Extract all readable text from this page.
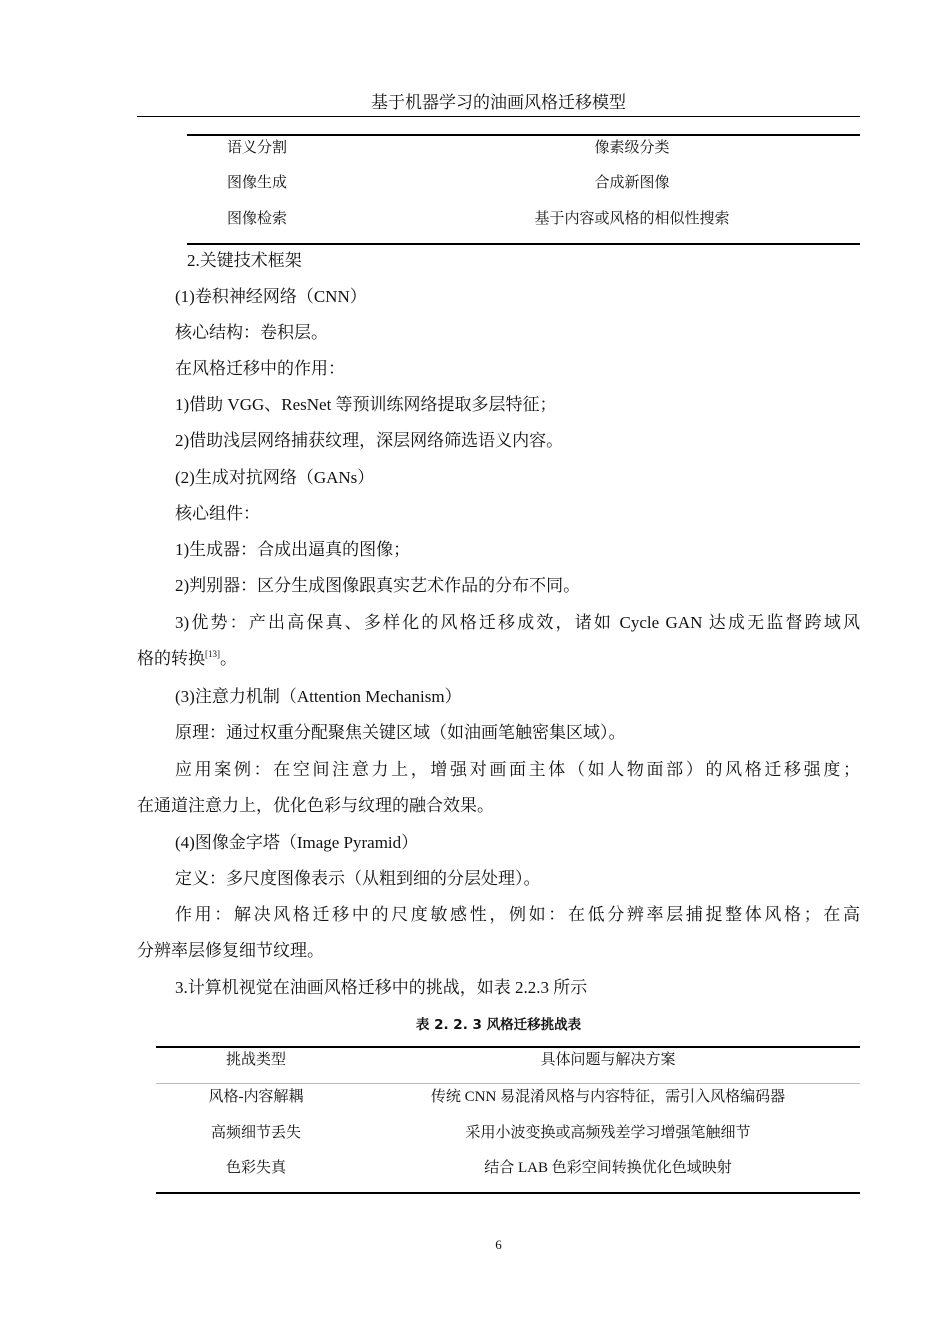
基于机器学习的油画风格迁移模型
语义分割	像素级分类
图像生成	合成新图像
图像检索	基于内容或风格的相似性搜索
2.关键技术框架
(1)卷积神经网络（CNN）
核心结构：卷积层。
在风格迁移中的作用：
1)借助 VGG、ResNet 等预训练网络提取多层特征；
2)借助浅层网络捕获纹理，深层网络筛选语义内容。
(2)生成对抗网络（GANs）
核心组件：
1)生成器：合成出逼真的图像；
2)判别器：区分生成图像跟真实艺术作品的分布不同。
3)优势：产出高保真、多样化的风格迁移成效，诸如 Cycle GAN 达成无监督跨域风
格的转换[13]。
(3)注意力机制（Attention Mechanism）
原理：通过权重分配聚焦关键区域（如油画笔触密集区域）。
应用案例：在空间注意力上，增强对画面主体（如人物面部）的风格迁移强度；
在通道注意力上，优化色彩与纹理的融合效果。
(4)图像金字塔（Image Pyramid）
定义：多尺度图像表示（从粗到细的分层处理）。
作用：解决风格迁移中的尺度敏感性，例如：在低分辨率层捕捉整体风格；在高
分辨率层修复细节纹理。
3.计算机视觉在油画风格迁移中的挑战，如表 2.2.3 所示
表 2. 2. 3 风格迁移挑战表
挑战类型	具体问题与解决方案
风格-内容解耦	传统 CNN 易混淆风格与内容特征，需引入风格编码器
高频细节丢失	采用小波变换或高频残差学习增强笔触细节
色彩失真	结合 LAB 色彩空间转换优化色域映射
6
